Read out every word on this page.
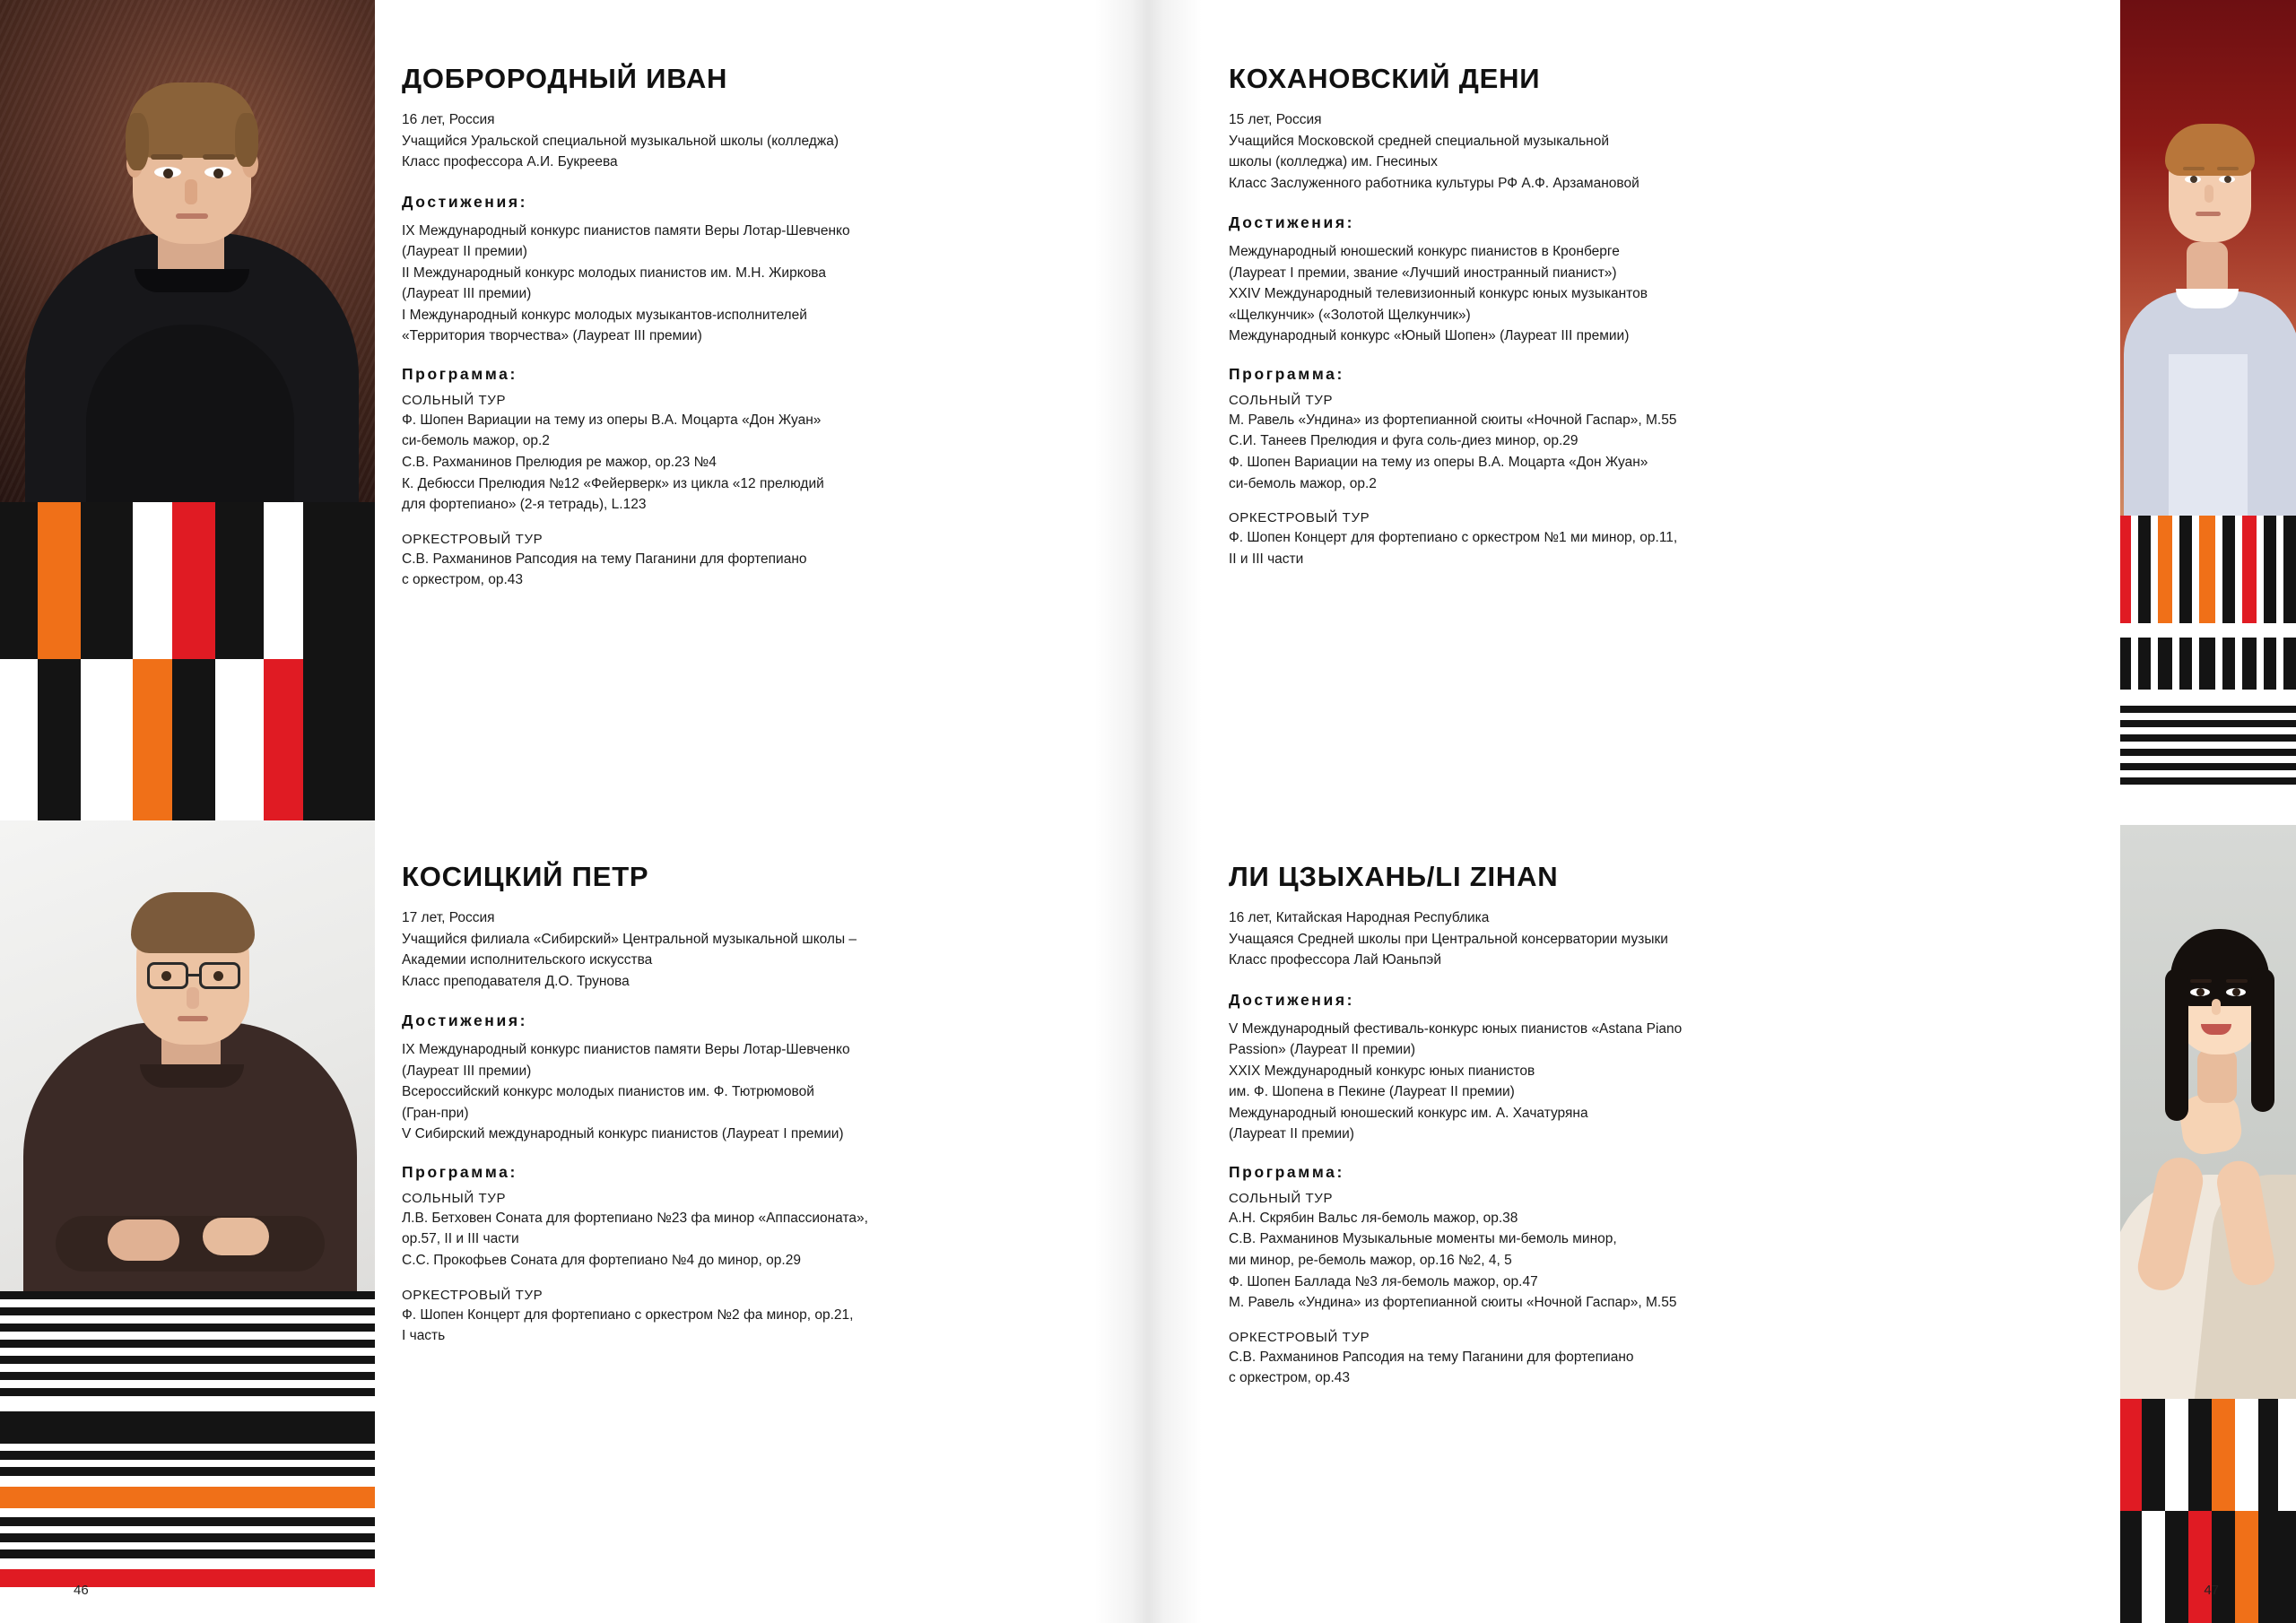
ДОБРОРОДНЫЙ ИВАН
16 лет, Россия
Учащийся Уральской специальной музыкальной школы (колледжа)
Класс профессора А.И. Букреева
Достижения:
IX Международный конкурс пианистов памяти Веры Лотар-Шевченко
(Лауреат II премии)
II Международный конкурс молодых пианистов им. М.Н. Жиркова
(Лауреат III премии)
I Международный конкурс молодых музыкантов-исполнителей
«Территория творчества» (Лауреат III премии)
Программа:
СОЛЬНЫЙ ТУР
Ф. Шопен Вариации на тему из оперы В.А. Моцарта «Дон Жуан»
си-бемоль мажор, op.2
С.В. Рахманинов Прелюдия ре мажор, op.23 №4
К. Дебюсси Прелюдия №12 «Фейерверк» из цикла «12 прелюдий
для фортепиано» (2-я тетрадь), L.123
ОРКЕСТРОВЫЙ ТУР
С.В. Рахманинов Рапсодия на тему Паганини для фортепиано
с оркестром, op.43
КОСИЦКИЙ ПЕТР
17 лет, Россия
Учащийся филиала «Сибирский» Центральной музыкальной школы –
Академии исполнительского искусства
Класс преподавателя Д.О. Трунова
Достижения:
IX Международный конкурс пианистов памяти Веры Лотар-Шевченко
(Лауреат III премии)
Всероссийский конкурс молодых пианистов им. Ф. Тютрюмовой
(Гран-при)
V Сибирский международный конкурс пианистов (Лауреат I премии)
Программа:
СОЛЬНЫЙ ТУР
Л.В. Бетховен Соната для фортепиано №23 фа минор «Аппассионата»,
op.57, II и III части
С.С. Прокофьев Соната для фортепиано №4 до минор, op.29
ОРКЕСТРОВЫЙ ТУР
Ф. Шопен Концерт для фортепиано с оркестром №2 фа минор, op.21,
I часть
46
КОХАНОВСКИЙ ДЕНИ
15 лет, Россия
Учащийся Московской средней специальной музыкальной
школы (колледжа) им. Гнесиных
Класс Заслуженного работника культуры РФ А.Ф. Арзамановой
Достижения:
Международный юношеский конкурс пианистов в Кронберге
(Лауреат I премии, звание «Лучший иностранный пианист»)
XXIV Международный телевизионный конкурс юных музыкантов
«Щелкунчик» («Золотой Щелкунчик»)
Международный конкурс «Юный Шопен» (Лауреат III премии)
Программа:
СОЛЬНЫЙ ТУР
М. Равель «Ундина» из фортепианной сюиты «Ночной Гаспар», M.55
С.И. Танеев Прелюдия и фуга соль-диез минор, op.29
Ф. Шопен Вариации на тему из оперы В.А. Моцарта «Дон Жуан»
си-бемоль мажор, op.2
ОРКЕСТРОВЫЙ ТУР
Ф. Шопен Концерт для фортепиано с оркестром №1 ми минор, op.11,
II и III части
ЛИ ЦЗЫХАНЬ/LI ZIHAN
16 лет, Китайская Народная Республика
Учащаяся Средней школы при Центральной консерватории музыки
Класс профессора Лай Юаньпэй
Достижения:
V Международный фестиваль-конкурс юных пианистов «Astana Piano
Passion» (Лауреат II премии)
XXIX Международный конкурс юных пианистов
им. Ф. Шопена в Пекине (Лауреат II премии)
Международный юношеский конкурс им. А. Хачатуряна
(Лауреат II премии)
Программа:
СОЛЬНЫЙ ТУР
А.Н. Скрябин Вальс ля-бемоль мажор, op.38
С.В. Рахманинов Музыкальные моменты ми-бемоль минор,
ми минор, ре-бемоль мажор, op.16 №2, 4, 5
Ф. Шопен Баллада №3 ля-бемоль мажор, op.47
М. Равель «Ундина» из фортепианной сюиты «Ночной Гаспар», M.55
ОРКЕСТРОВЫЙ ТУР
С.В. Рахманинов Рапсодия на тему Паганини для фортепиано
с оркестром, op.43
47
